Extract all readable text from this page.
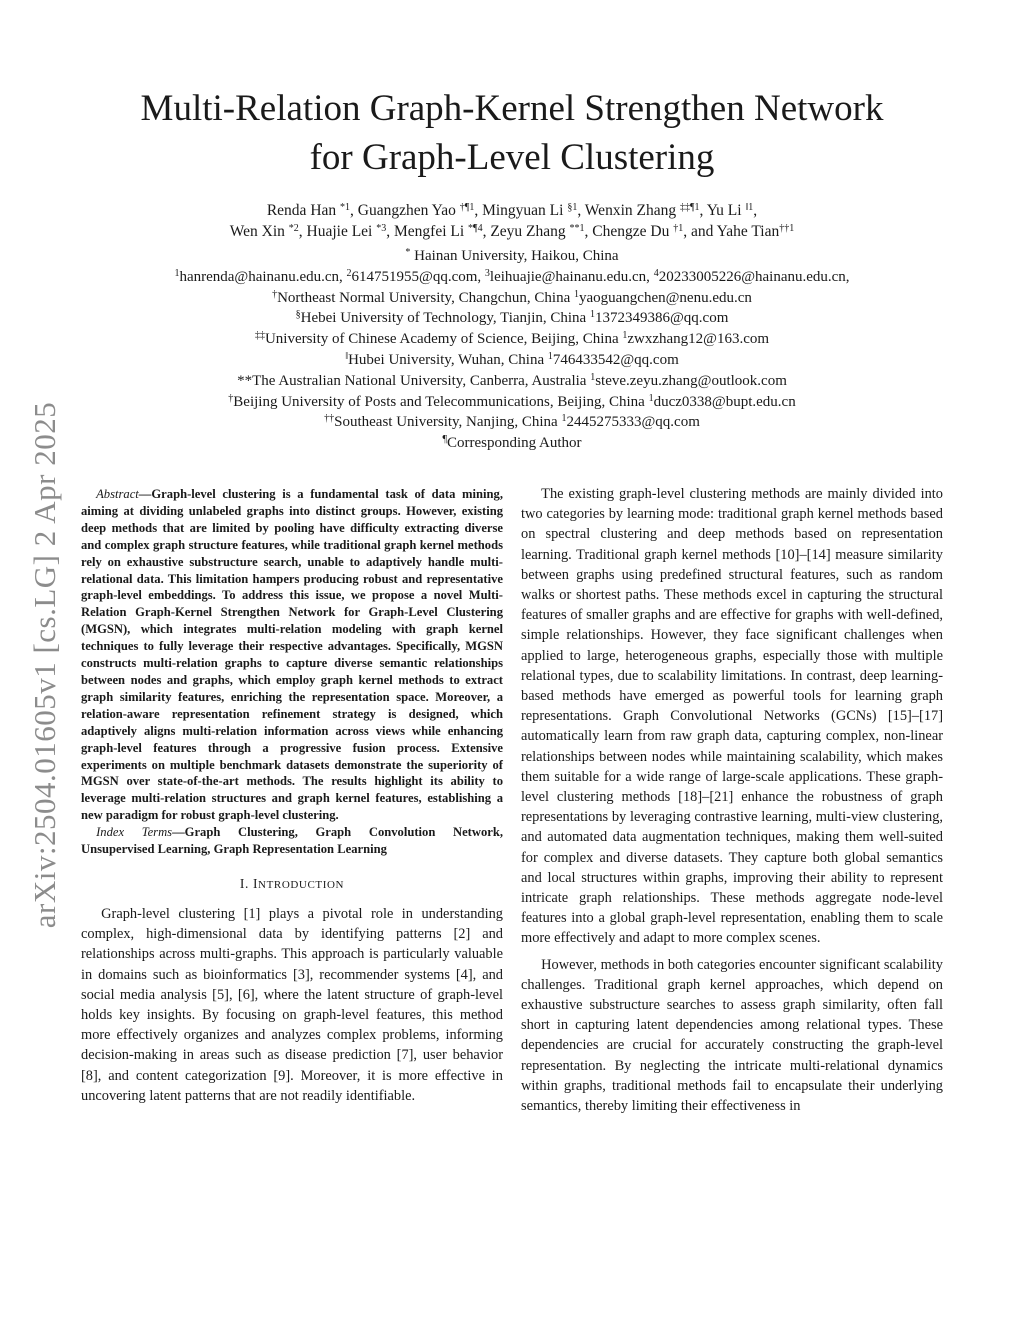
arXiv:2504.01605v1 [cs.LG] 2 Apr 2025
Multi-Relation Graph-Kernel Strengthen Network
for Graph-Level Clustering
Renda Han $^{*1}$, Guangzhen Yao $^{\dagger\P 1}$, Mingyuan Li $^{\S 1}$, Wenxin Zhang $^{\ddagger\ddagger\P 1}$, Yu Li $^{‖1}$,
Wen Xin $^{*2}$, Huajie Lei $^{*3}$, Mengfei Li $^{*\P 4}$, Zeyu Zhang $^{**1}$, Chengze Du $^{\dagger 1}$, and Yahe Tian$^{\dagger\dagger 1}$
* Hainan University, Haikou, China
$^1$hanrenda@hainanu.edu.cn, $^2$614751955@qq.com, $^3$leihuajie@hainanu.edu.cn, $^4$20233005226@hainanu.edu.cn,
†Northeast Normal University, Changchun, China $^1$yaoguangchen@nenu.edu.cn
§Hebei University of Technology, Tianjin, China $^1$1372349386@qq.com
‡‡University of Chinese Academy of Science, Beijing, China $^1$zwxzhang12@163.com
‖Hubei University, Wuhan, China $^1$746433542@qq.com
**The Australian National University, Canberra, Australia $^1$steve.zeyu.zhang@outlook.com
†Beijing University of Posts and Telecommunications, Beijing, China $^1$ducz0338@bupt.edu.cn
††Southeast University, Nanjing, China $^1$2445275333@qq.com
¶Corresponding Author

Abstract—Graph-level clustering is a fundamental task of data mining, aiming at dividing unlabeled graphs into distinct groups. However, existing deep methods that are limited by pooling have difficulty extracting diverse and complex graph structure features, while traditional graph kernel methods rely on exhaustive substructure search, unable to adaptively handle multi-relational data. This limitation hampers producing robust and representative graph-level embeddings. To address this issue, we propose a novel Multi-Relation Graph-Kernel Strengthen Network for Graph-Level Clustering (MGSN), which integrates multi-relation modeling with graph kernel techniques to fully leverage their respective advantages. Specifically, MGSN constructs multi-relation graphs to capture diverse semantic relationships between nodes and graphs, which employ graph kernel methods to extract graph similarity features, enriching the representation space. Moreover, a relation-aware representation refinement strategy is designed, which adaptively aligns multi-relation information across views while enhancing graph-level features through a progressive fusion process. Extensive experiments on multiple benchmark datasets demonstrate the superiority of MGSN over state-of-the-art methods. The results highlight its ability to leverage multi-relation structures and graph kernel features, establishing a new paradigm for robust graph-level clustering.

Index Terms—Graph Clustering, Graph Convolution Network, Unsupervised Learning, Graph Representation Learning

I. INTRODUCTION

Graph-level clustering [1] plays a pivotal role in understanding complex, high-dimensional data by identifying patterns [2] and relationships across multi-graphs. This approach is particularly valuable in domains such as bioinformatics [3], recommender systems [4], and social media analysis [5], [6], where the latent structure of graph-level holds key insights. By focusing on graph-level features, this method more effectively organizes and analyzes complex problems, informing decision-making in areas such as disease prediction [7], user behavior [8], and content categorization [9]. Moreover, it is more effective in uncovering latent patterns that are not readily identifiable.

The existing graph-level clustering methods are mainly divided into two categories by learning mode: traditional graph kernel methods based on spectral clustering and deep methods based on representation learning. Traditional graph kernel methods [10]–[14] measure similarity between graphs using predefined structural features, such as random walks or shortest paths. These methods excel in capturing the structural features of smaller graphs and are effective for graphs with well-defined, simple relationships. However, they face significant challenges when applied to large, heterogeneous graphs, especially those with multiple relational types, due to scalability limitations. In contrast, deep learning-based methods have emerged as powerful tools for learning graph representations. Graph Convolutional Networks (GCNs) [15]–[17] automatically learn from raw graph data, capturing complex, non-linear relationships between nodes while maintaining scalability, which makes them suitable for a wide range of large-scale applications. These graph-level clustering methods [18]–[21] enhance the robustness of graph representations by leveraging contrastive learning, multi-view clustering, and automated data augmentation techniques, making them well-suited for complex and diverse datasets. They capture both global semantics and local structures within graphs, improving their ability to represent intricate graph relationships. These methods aggregate node-level features into a global graph-level representation, enabling them to scale more effectively and adapt to more complex scenes.

However, methods in both categories encounter significant scalability challenges. Traditional graph kernel approaches, which depend on exhaustive substructure searches to assess graph similarity, often fall short in capturing latent dependencies among relational types. These dependencies are crucial for accurately constructing the graph-level representation. By neglecting the intricate multi-relational dynamics within graphs, traditional methods fail to encapsulate their underlying semantics, thereby limiting their effectiveness in
